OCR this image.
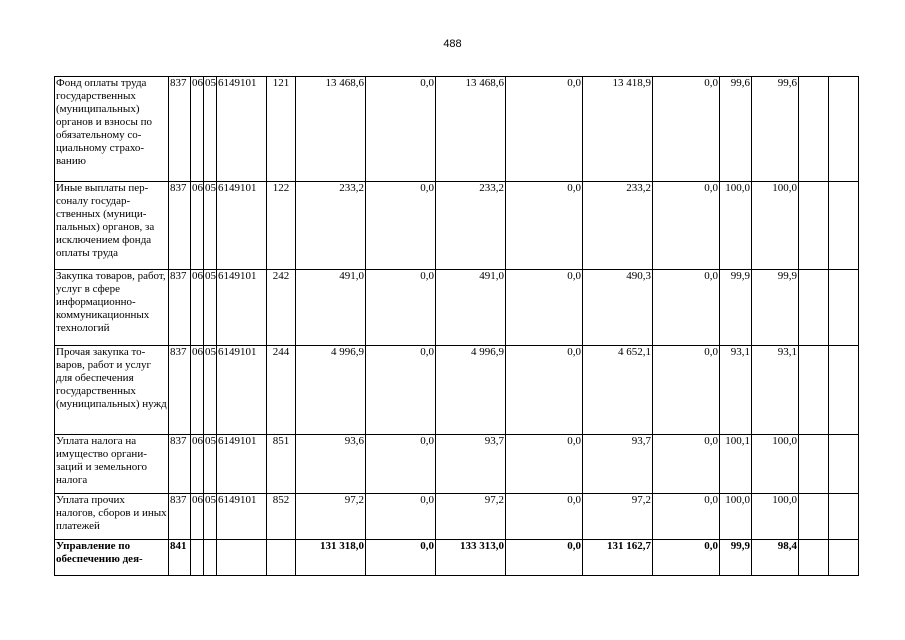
488
Фонд оплаты труда государственных (муниципальных) органов и взносы по обязательному со- циальному страхо- ванию	837	06	05	6149101	121	13 468,6	0,0	13 468,6	0,0	13 418,9	0,0	99,6	99,6		
Иные выплаты пер- соналу государ- ственных (муници- пальных) органов, за исключением фонда оплаты труда	837	06	05	6149101	122	233,2	0,0	233,2	0,0	233,2	0,0	100,0	100,0		
Закупка товаров, работ, услуг в сфере информационно- коммуникационных технологий	837	06	05	6149101	242	491,0	0,0	491,0	0,0	490,3	0,0	99,9	99,9		
Прочая закупка то- варов, работ и услуг для обеспечения государственных (муниципальных) нужд	837	06	05	6149101	244	4 996,9	0,0	4 996,9	0,0	4 652,1	0,0	93,1	93,1		
Уплата налога на имущество органи- заций и земельного налога	837	06	05	6149101	851	93,6	0,0	93,7	0,0	93,7	0,0	100,1	100,0		
Уплата прочих налогов, сборов и иных платежей	837	06	05	6149101	852	97,2	0,0	97,2	0,0	97,2	0,0	100,0	100,0		
Управление по обеспечению дея-	841					131 318,0	0,0	133 313,0	0,0	131 162,7	0,0	99,9	98,4		
